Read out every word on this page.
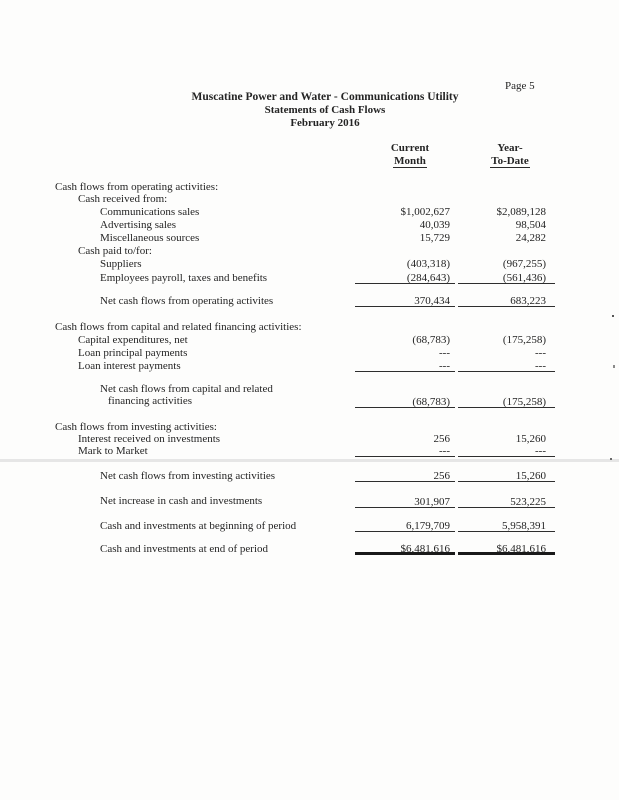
Page 5
Muscatine Power and Water - Communications Utility
Statements of Cash Flows
February 2016
Current
Month
Year-
To-Date
Cash flows from operating activities:
Cash received from:
Communications sales	$1,002,627	$2,089,128
Advertising sales	40,039	98,504
Miscellaneous sources	15,729	24,282
Cash paid to/for:
Suppliers	(403,318)	(967,255)
Employees payroll, taxes and benefits	(284,643)	(561,436)
Net cash flows from operating activites	370,434	683,223
Cash flows from capital and related financing activities:
Capital expenditures, net	(68,783)	(175,258)
Loan principal payments	---	---
Loan interest payments	---	---
Net cash flows from capital and related
financing activities	(68,783)	(175,258)
Cash flows from investing activities:
Interest received on investments	256	15,260
Mark to Market	---	---
Net cash flows from investing activities	256	15,260
Net increase in cash and investments	301,907	523,225
Cash and investments at beginning of period	6,179,709	5,958,391
Cash and investments at end of period	$6,481,616	$6,481,616
